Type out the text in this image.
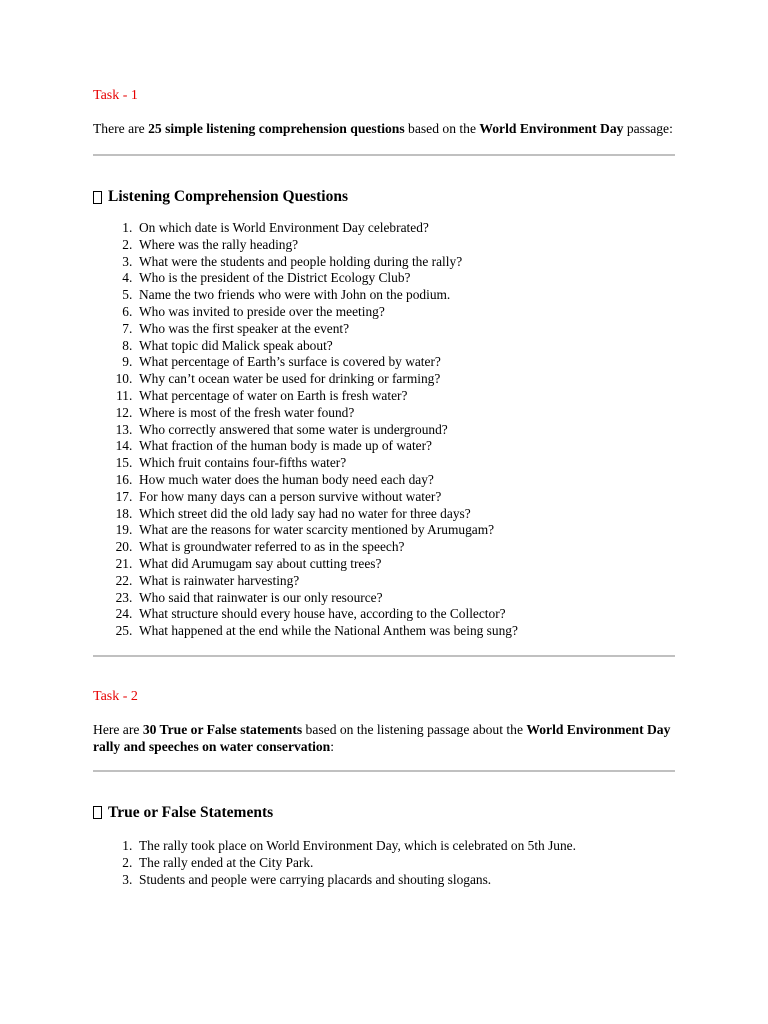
Task - 1

There are 25 simple listening comprehension questions based on the World Environment Day passage:

Listening Comprehension Questions
1. On which date is World Environment Day celebrated?
2. Where was the rally heading?
3. What were the students and people holding during the rally?
4. Who is the president of the District Ecology Club?
5. Name the two friends who were with John on the podium.
6. Who was invited to preside over the meeting?
7. Who was the first speaker at the event?
8. What topic did Malick speak about?
9. What percentage of Earth’s surface is covered by water?
10. Why can’t ocean water be used for drinking or farming?
11. What percentage of water on Earth is fresh water?
12. Where is most of the fresh water found?
13. Who correctly answered that some water is underground?
14. What fraction of the human body is made up of water?
15. Which fruit contains four-fifths water?
16. How much water does the human body need each day?
17. For how many days can a person survive without water?
18. Which street did the old lady say had no water for three days?
19. What are the reasons for water scarcity mentioned by Arumugam?
20. What is groundwater referred to as in the speech?
21. What did Arumugam say about cutting trees?
22. What is rainwater harvesting?
23. Who said that rainwater is our only resource?
24. What structure should every house have, according to the Collector?
25. What happened at the end while the National Anthem was being sung?

Task - 2

Here are 30 True or False statements based on the listening passage about the World Environment Day rally and speeches on water conservation:

True or False Statements
1. The rally took place on World Environment Day, which is celebrated on 5th June.
2. The rally ended at the City Park.
3. Students and people were carrying placards and shouting slogans.
